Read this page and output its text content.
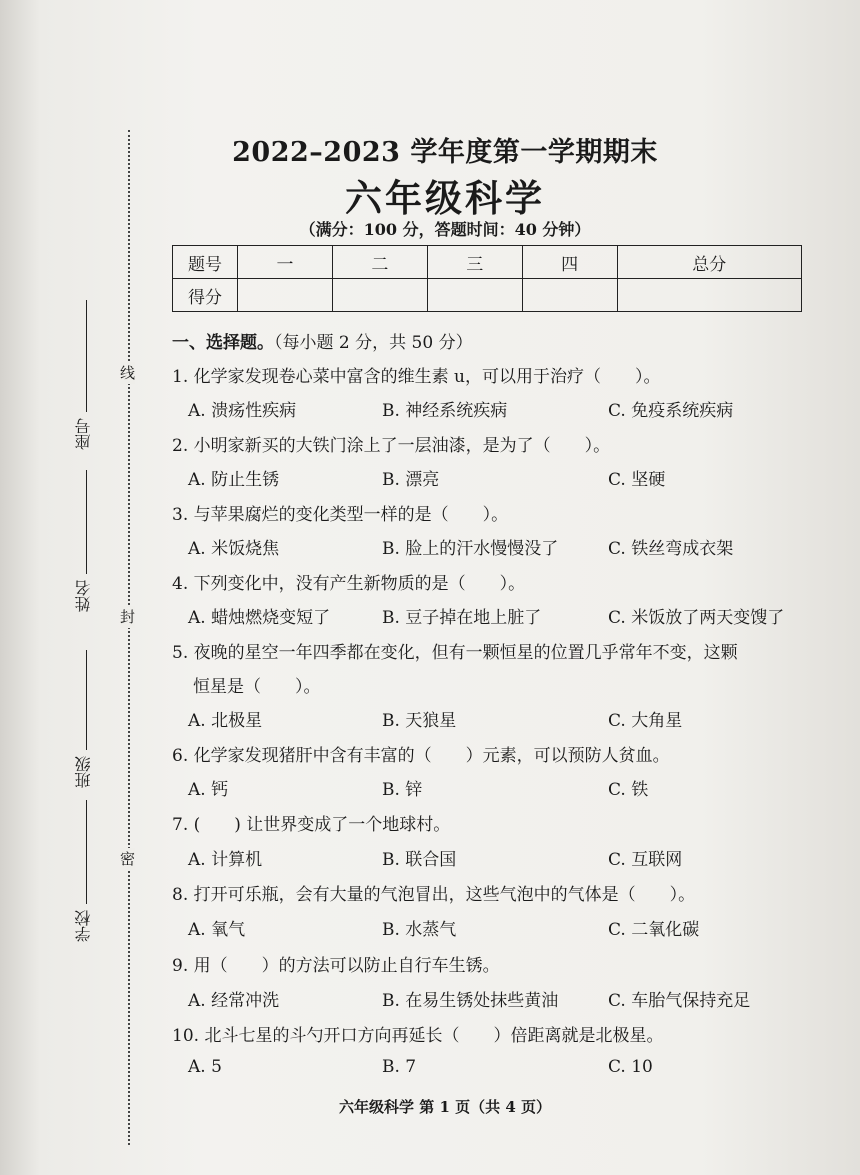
线
封
密
座号
姓名
班级
学校
2022–2023 学年度第一学期期末
六年级科学
（满分：100 分，答题时间：40 分钟）
题号	一	二	三	四	总分
得分					
一、选择题。（每小题 2 分，共 50 分）
1. 化学家发现卷心菜中富含的维生素 u，可以用于治疗（　　）。
A. 溃疡性疾病	B. 神经系统疾病	C. 免疫系统疾病
2. 小明家新买的大铁门涂上了一层油漆，是为了（　　）。
A. 防止生锈	B. 漂亮	C. 坚硬
3. 与苹果腐烂的变化类型一样的是（　　）。
A. 米饭烧焦	B. 脸上的汗水慢慢没了	C. 铁丝弯成衣架
4. 下列变化中，没有产生新物质的是（　　）。
A. 蜡烛燃烧变短了	B. 豆子掉在地上脏了	C. 米饭放了两天变馊了
5. 夜晚的星空一年四季都在变化，但有一颗恒星的位置几乎常年不变，这颗
恒星是（　　）。
A. 北极星	B. 天狼星	C. 大角星
6. 化学家发现猪肝中含有丰富的（　　）元素，可以预防人贫血。
A. 钙	B. 锌	C. 铁
7. (　　) 让世界变成了一个地球村。
A. 计算机	B. 联合国	C. 互联网
8. 打开可乐瓶，会有大量的气泡冒出，这些气泡中的气体是（　　）。
A. 氧气	B. 水蒸气	C. 二氧化碳
9. 用（　　）的方法可以防止自行车生锈。
A. 经常冲洗	B. 在易生锈处抹些黄油	C. 车胎气保持充足
10. 北斗七星的斗勺开口方向再延长（　　）倍距离就是北极星。
A. 5	B. 7	C. 10
六年级科学 第 1 页（共 4 页）
